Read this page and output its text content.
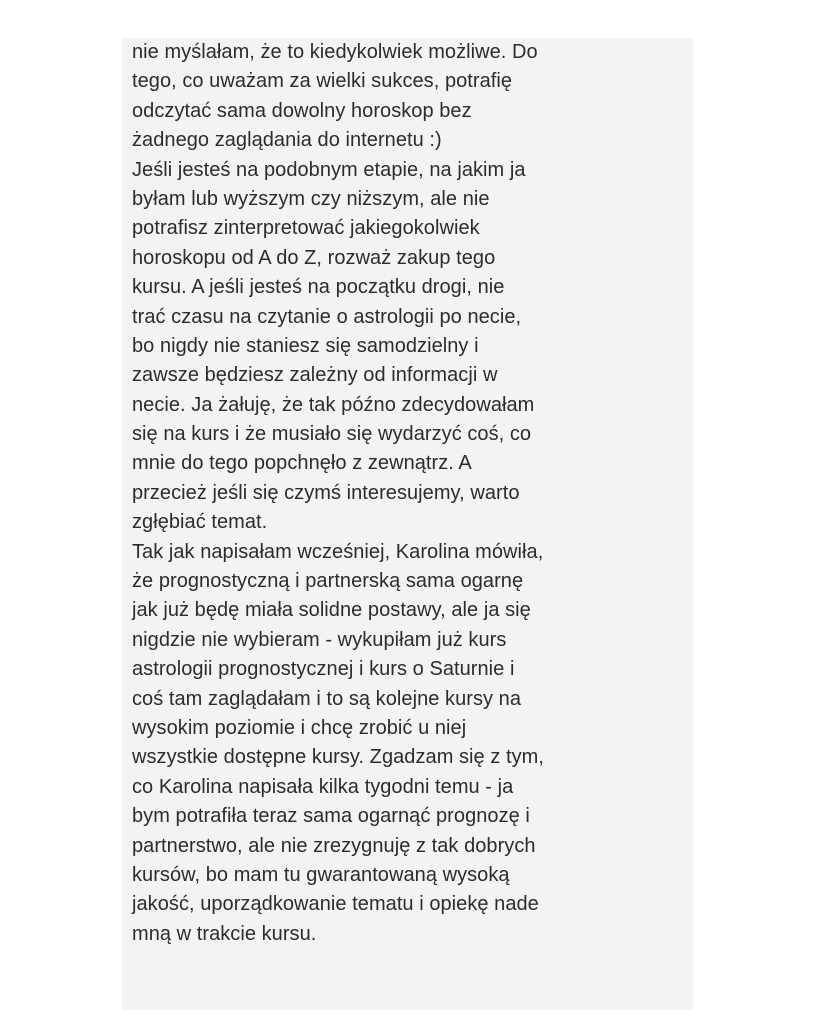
nie myślałam, że to kiedykolwiek możliwe. Do
tego, co uważam za wielki sukces, potrafię
odczytać sama dowolny horoskop bez
żadnego zaglądania do internetu :)
Jeśli jesteś na podobnym etapie, na jakim ja
byłam lub wyższym czy niższym, ale nie
potrafisz zinterpretować jakiegokolwiek
horoskopu od A do Z, rozważ zakup tego
kursu. A jeśli jesteś na początku drogi, nie
trać czasu na czytanie o astrologii po necie,
bo nigdy nie staniesz się samodzielny i
zawsze będziesz zależny od informacji w
necie. Ja żałuję, że tak późno zdecydowałam
się na kurs i że musiało się wydarzyć coś, co
mnie do tego popchnęło z zewnątrz. A
przecież jeśli się czymś interesujemy, warto
zgłębiać temat.
Tak jak napisałam wcześniej, Karolina mówiła,
że prognostyczną i partnerską sama ogarnę
jak już będę miała solidne postawy, ale ja się
nigdzie nie wybieram - wykupiłam już kurs
astrologii prognostycznej i kurs o Saturnie i
coś tam zaglądałam i to są kolejne kursy na
wysokim poziomie i chcę zrobić u niej
wszystkie dostępne kursy. Zgadzam się z tym,
co Karolina napisała kilka tygodni temu - ja
bym potrafiła teraz sama ogarnąć prognozę i
partnerstwo, ale nie zrezygnuję z tak dobrych
kursów, bo mam tu gwarantowaną wysoką
jakość, uporządkowanie tematu i opiekę nade
mną w trakcie kursu.
